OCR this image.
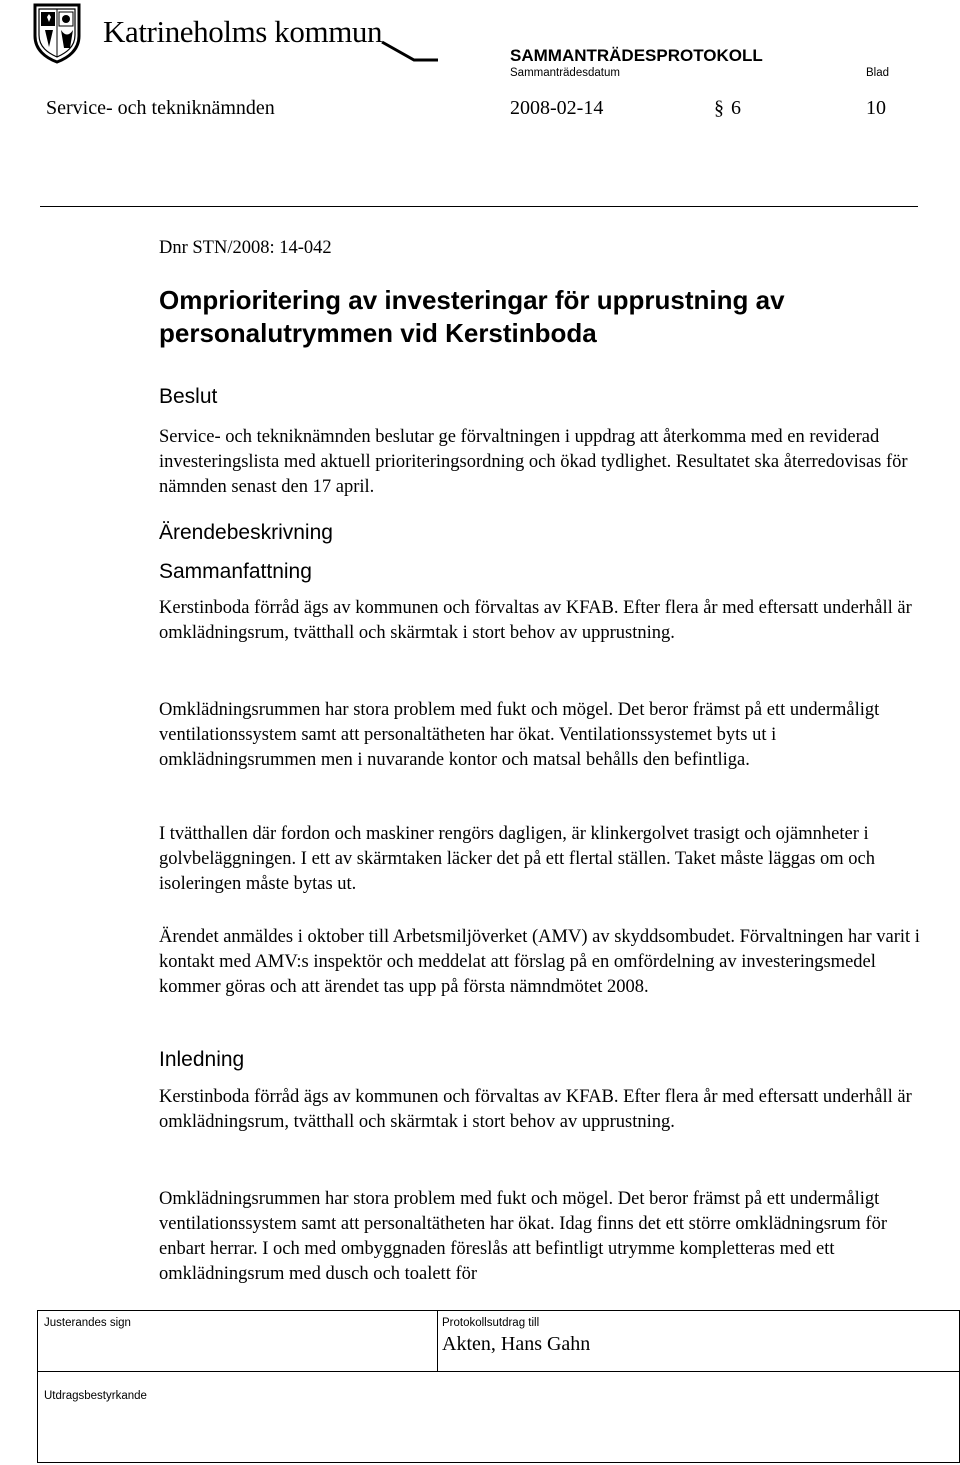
Katrineholms kommun
SAMMANTRÄDESPROTOKOLL
Sammanträdesdatum	Blad
Service- och tekniknämnden	2008-02-14	§ 6	10
Dnr STN/2008: 14-042
Omprioritering av investeringar för upprustning av personalutrymmen vid Kerstinboda
Beslut
Service- och tekniknämnden beslutar ge förvaltningen i uppdrag att återkomma med en reviderad investeringslista med aktuell prioriteringsordning och ökad tydlighet. Resultatet ska återredovisas för nämnden senast den 17 april.
Ärendebeskrivning
Sammanfattning
Kerstinboda förråd ägs av kommunen och förvaltas av KFAB. Efter flera år med eftersatt underhåll är omklädningsrum, tvätthall och skärmtak i stort behov av upprustning.
Omklädningsrummen har stora problem med fukt och mögel. Det beror främst på ett undermåligt ventilationssystem samt att personaltätheten har ökat. Ventilationssystemet byts ut i omklädningsrummen men i nuvarande kontor och matsal behålls den befintliga.
I tvätthallen där fordon och maskiner rengörs dagligen, är klinkergolvet trasigt och ojämnheter i golvbeläggningen. I ett av skärmtaken läcker det på ett flertal ställen. Taket måste läggas om och isoleringen måste bytas ut.
Ärendet anmäldes i oktober till Arbetsmiljöverket (AMV) av skyddsombudet. Förvaltningen har varit i kontakt med AMV:s inspektör och meddelat att förslag på en omfördelning av investeringsmedel kommer göras och att ärendet tas upp på första nämndmötet 2008.
Inledning
Kerstinboda förråd ägs av kommunen och förvaltas av KFAB. Efter flera år med eftersatt underhåll är omklädningsrum, tvätthall och skärmtak i stort behov av upprustning.
Omklädningsrummen har stora problem med fukt och mögel. Det beror främst på ett undermåligt ventilationssystem samt att personaltätheten har ökat. Idag finns det ett större omklädningsrum för enbart herrar. I och med ombyggnaden föreslås att befintligt utrymme kompletteras med ett omklädningsrum med dusch och toalett för
Justerandes sign	Protokollsutdrag till
Akten, Hans Gahn
Utdragsbestyrkande
